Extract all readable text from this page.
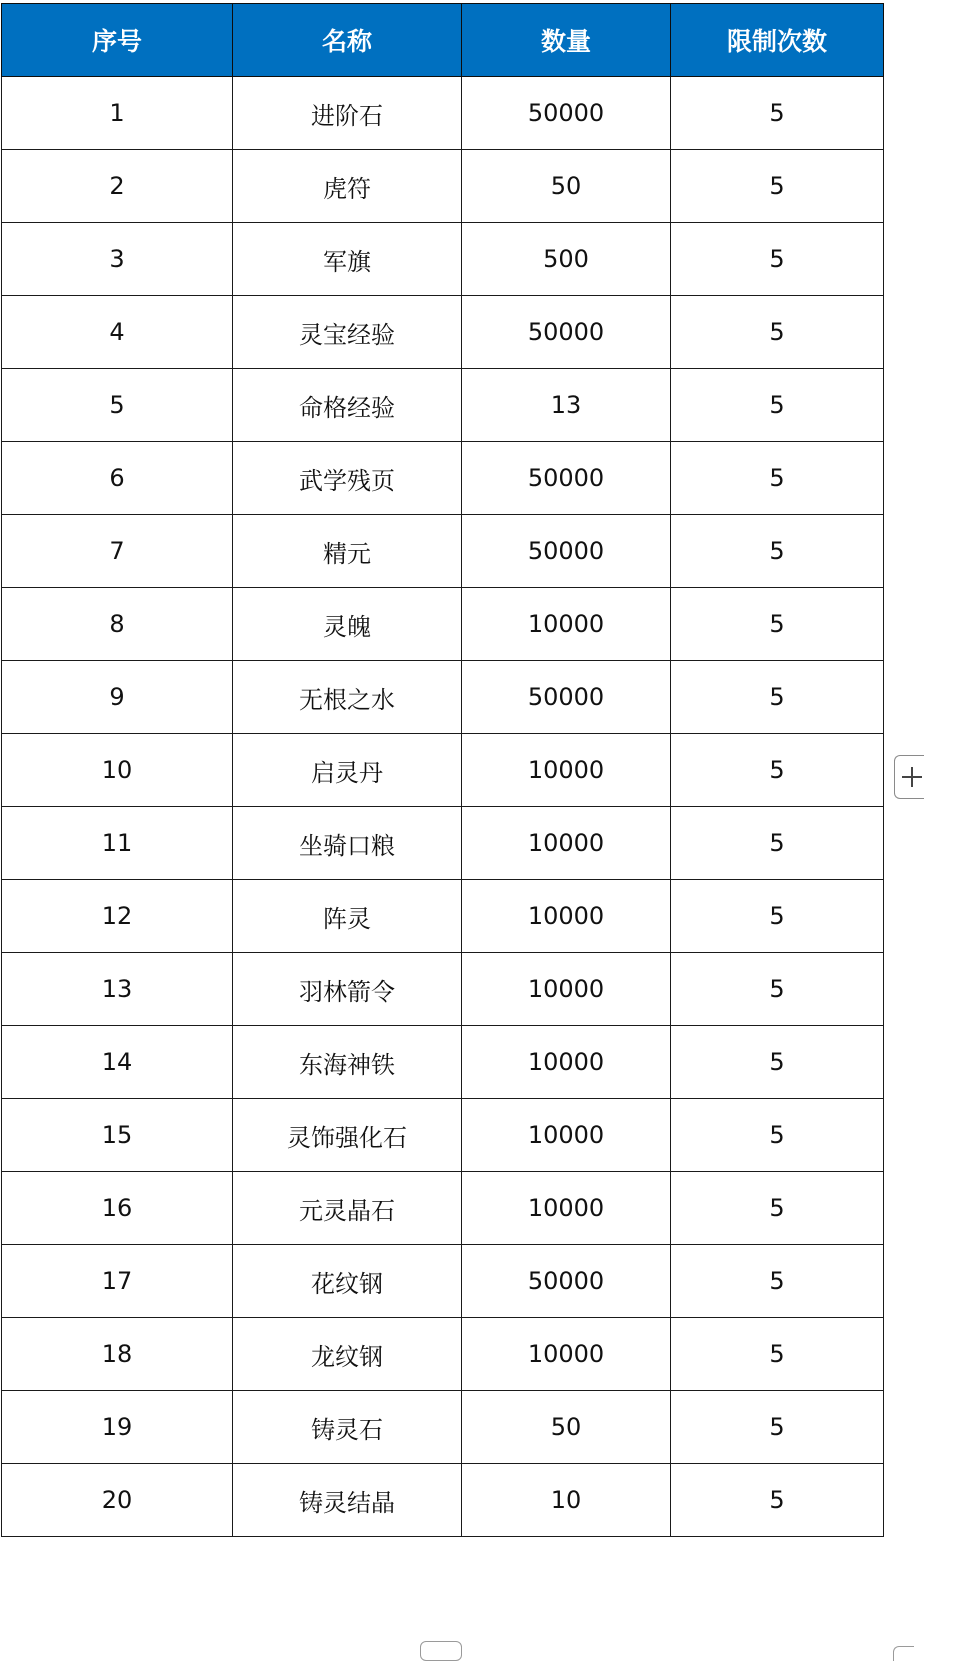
序号	名称	数量	限制次数
1	进阶石	50000	5
2	虎符	50	5
3	军旗	500	5
4	灵宝经验	50000	5
5	命格经验	13	5
6	武学残页	50000	5
7	精元	50000	5
8	灵魄	10000	5
9	无根之水	50000	5
10	启灵丹	10000	5
11	坐骑口粮	10000	5
12	阵灵	10000	5
13	羽林箭令	10000	5
14	东海神铁	10000	5
15	灵饰强化石	10000	5
16	元灵晶石	10000	5
17	花纹钢	50000	5
18	龙纹钢	10000	5
19	铸灵石	50	5
20	铸灵结晶	10	5
